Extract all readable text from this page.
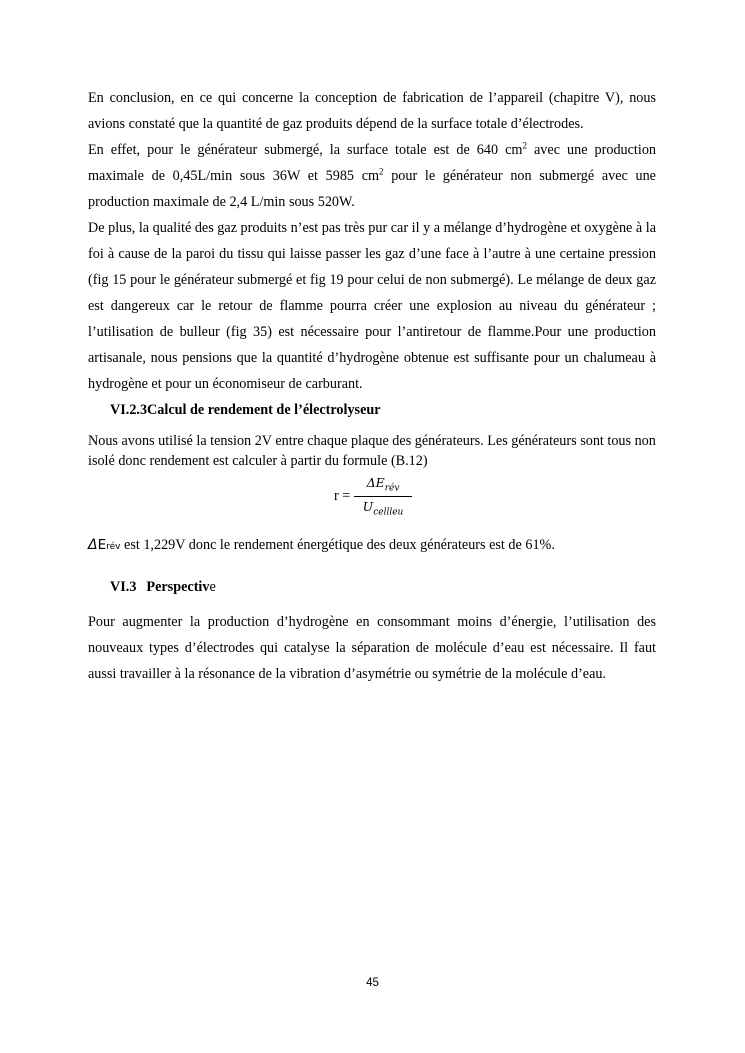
En conclusion, en ce qui concerne la conception de fabrication de l’appareil (chapitre V), nous avions constaté que la quantité de gaz produits dépend de la surface totale d’électrodes.

En effet, pour le générateur submergé, la surface totale est de 640 $cm^2$ avec une production maximale de 0,45L/min sous 36W et 5985 $cm^2$ pour le générateur non submergé avec une production maximale de 2,4 L/min sous 520W.

De plus, la qualité des gaz produits n’est pas très pur car il y a mélange d’hydrogène et oxygène à la foi à cause de la paroi du tissu qui laisse passer les gaz d’une face à l’autre à une certaine pression (fig 15 pour le générateur submergé et fig 19 pour celui de non submergé). Le mélange de deux gaz est dangereux car le retour de flamme pourra créer une explosion au niveau du générateur ; l’utilisation de bulleur (fig 35) est nécessaire pour l’antiretour de flamme.Pour une production artisanale, nous pensions que la quantité d’hydrogène obtenue est suffisante pour un chalumeau à hydrogène et pour un économiseur de carburant.

VI.2.3Calcul de rendement de l’électrolyseur

Nous avons utilisé la tension 2V entre chaque plaque des générateurs. Les générateurs sont tous non isolé donc rendement est calculer à partir du formule (B.12)

r =
$\Delta E_{rév}$
$U_{cellleu}$

ΔErév est 1,229V donc le rendement énergétique des deux générateurs est de 61%.

VI.3 Perspective

Pour augmenter la production d’hydrogène en consommant moins d’énergie, l’utilisation des nouveaux types d’électrodes qui catalyse la séparation de molécule d’eau est nécessaire. Il faut aussi travailler à la résonance de la vibration d’asymétrie ou symétrie de la molécule d’eau.

45
